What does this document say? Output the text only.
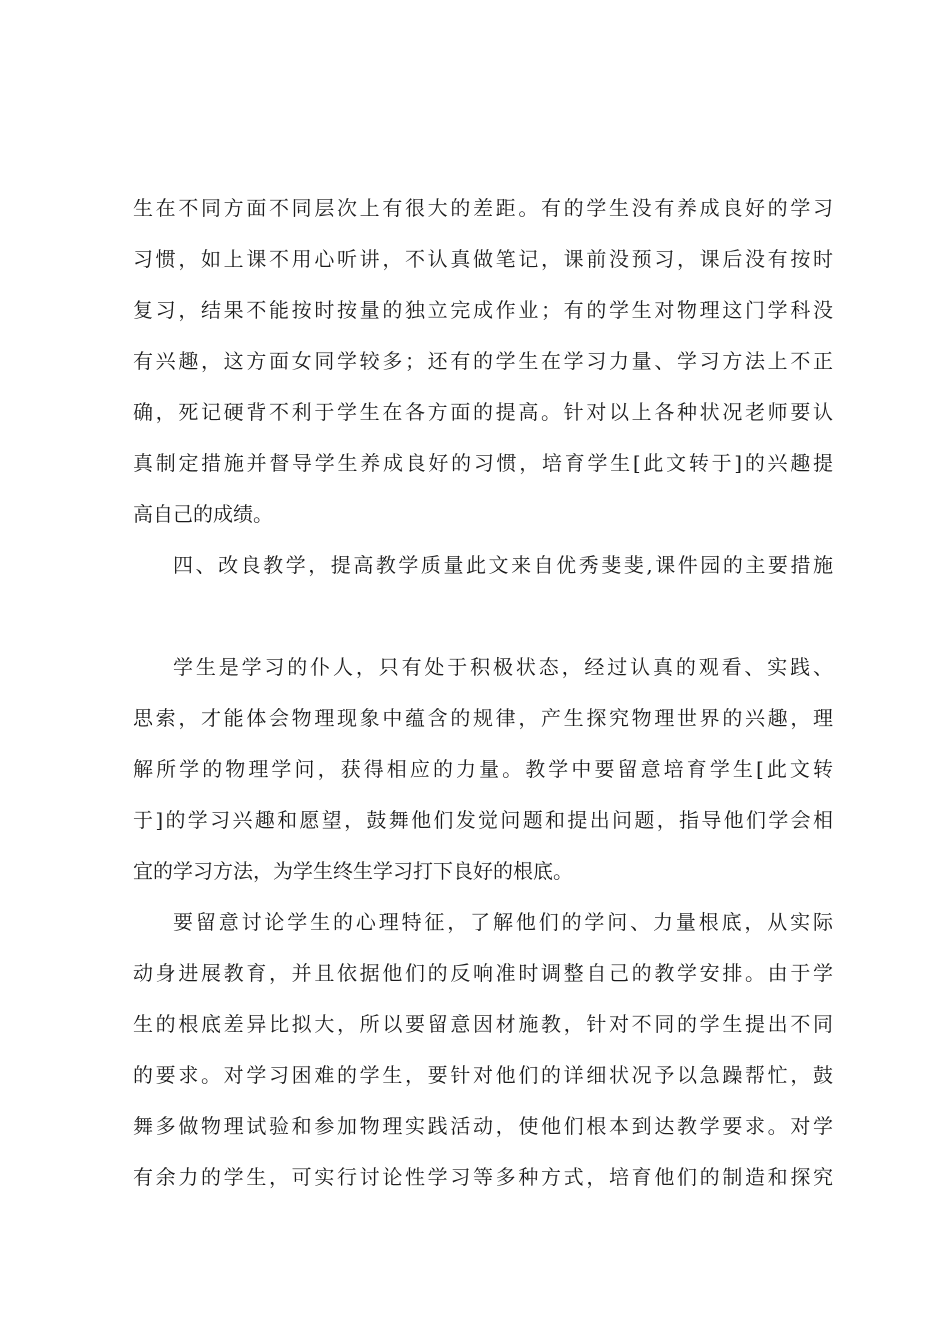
生在不同方面不同层次上有很大的差距。有的学生没有养成良好的学习
习惯，如上课不用心听讲，不认真做笔记，课前没预习，课后没有按时
复习，结果不能按时按量的独立完成作业；有的学生对物理这门学科没
有兴趣，这方面女同学较多；还有的学生在学习力量、学习方法上不正
确，死记硬背不利于学生在各方面的提高。针对以上各种状况老师要认
真制定措施并督导学生养成良好的习惯，培育学生[此文转于]的兴趣提
高自己的成绩。
四、改良教学，提高教学质量此文来自优秀斐斐,课件园的主要措施
学生是学习的仆人，只有处于积极状态，经过认真的观看、实践、
思索，才能体会物理现象中蕴含的规律，产生探究物理世界的兴趣，理
解所学的物理学问，获得相应的力量。教学中要留意培育学生[此文转
于]的学习兴趣和愿望，鼓舞他们发觉问题和提出问题，指导他们学会相
宜的学习方法，为学生终生学习打下良好的根底。
要留意讨论学生的心理特征，了解他们的学问、力量根底，从实际
动身进展教育，并且依据他们的反响准时调整自己的教学安排。由于学
生的根底差异比拟大，所以要留意因材施教，针对不同的学生提出不同
的要求。对学习困难的学生，要针对他们的详细状况予以急躁帮忙，鼓
舞多做物理试验和参加物理实践活动，使他们根本到达教学要求。对学
有余力的学生，可实行讨论性学习等多种方式，培育他们的制造和探究
